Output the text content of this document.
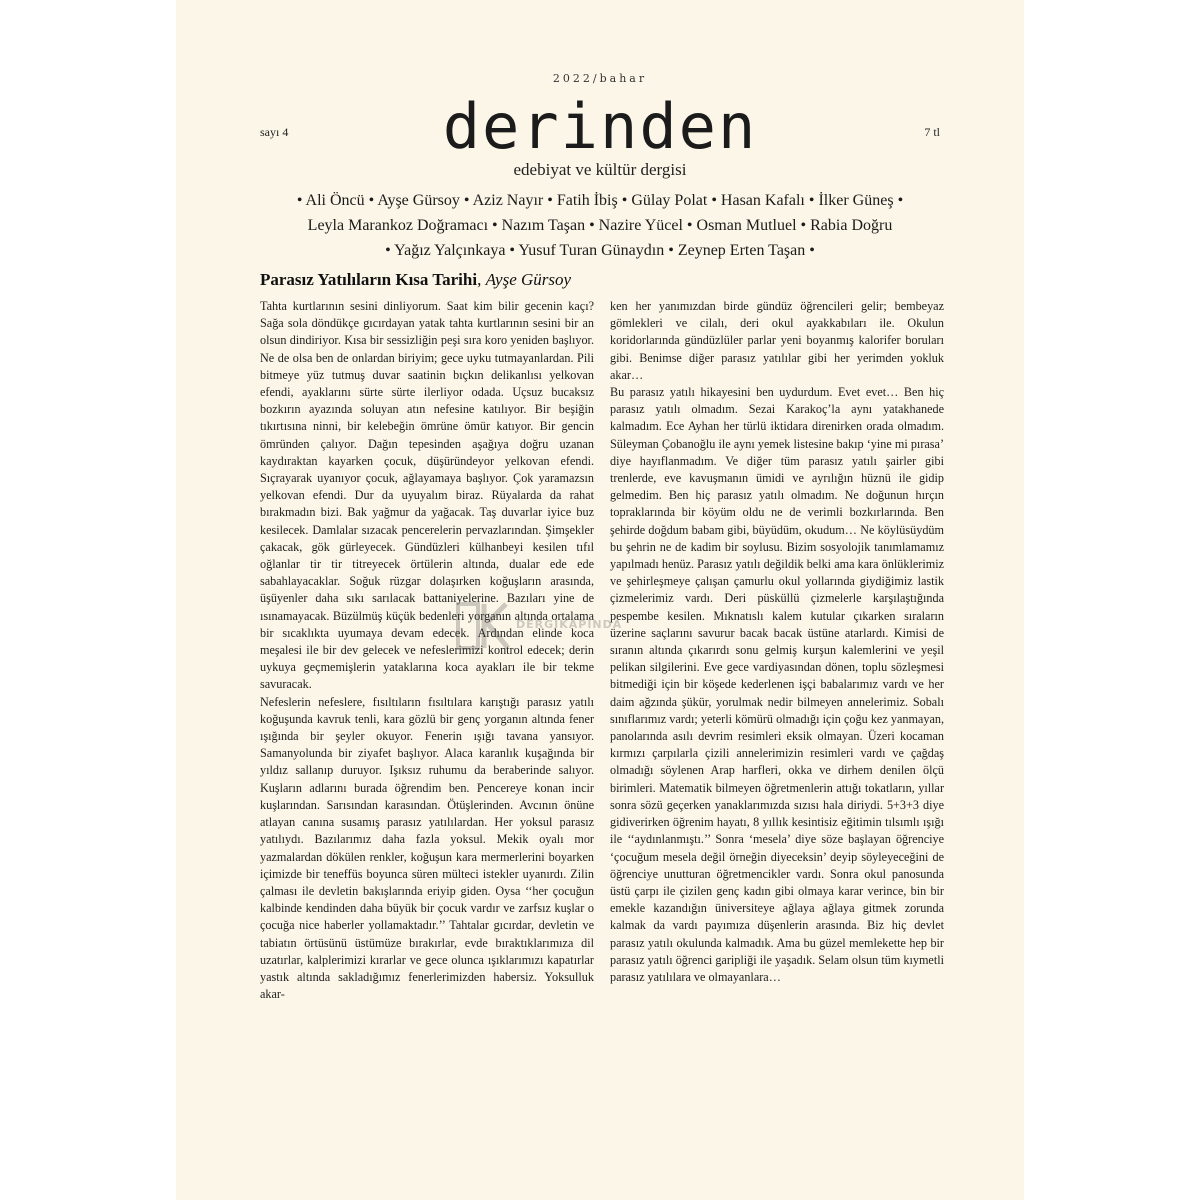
2022/bahar
sayı 4	derinden	7 tl
edebiyat ve kültür dergisi
• Ali Öncü • Ayşe Gürsoy • Aziz Nayır • Fatih İbiş • Gülay Polat • Hasan Kafalı • İlker Güneş •
Leyla Marankoz Doğramacı • Nazım Taşan • Nazire Yücel • Osman Mutluel • Rabia Doğru
• Yağız Yalçınkaya • Yusuf Turan Günaydın • Zeynep Erten Taşan •
Parasız Yatılıların Kısa Tarihi, Ayşe Gürsoy

Tahta kurtlarının sesini dinliyorum. Saat kim bilir gecenin kaçı? Sağa sola döndükçe gıcırdayan yatak tahta kurtlarının sesini bir an olsun dindiriyor. Kısa bir sessizliğin peşi sıra koro yeniden başlıyor. Ne de olsa ben de onlardan biriyim; gece uyku tutmayanlardan. Pili bitmeye yüz tutmuş duvar saatinin bıçkın delikanlısı yelkovan efendi, ayaklarını sürte sürte ilerliyor odada. Uçsuz bucaksız bozkırın ayazında soluyan atın nefesine katılıyor. Bir beşiğin tıkırtısına ninni, bir kelebeğin ömrüne ömür katıyor. Bir gencin ömründen çalıyor. Dağın tepesinden aşağıya doğru uzanan kaydıraktan kayarken çocuk, düşüründeyor yelkovan efendi. Sıçrayarak uyanıyor çocuk, ağlayamaya başlıyor. Çok yaramazsın yelkovan efendi. Dur da uyuyalım biraz. Rüyalarda da rahat bırakmadın bizi. Bak yağmur da yağacak. Taş duvarlar iyice buz kesilecek. Damlalar sızacak pencerelerin pervazlarından. Şimşekler çakacak, gök gürleyecek. Gündüzleri külhanbeyi kesilen tıfıl oğlanlar tir tir titreyecek örtülerin altında, dualar ede ede sabahlayacaklar. Soğuk rüzgar dolaşırken koğuşların arasında, üşüyenler daha sıkı sarılacak battaniyelerine. Bazıları yine de ısınamayacak. Büzülmüş küçük bedenleri yorganın altında ortalama bir sıcaklıkta uyumaya devam edecek. Ardından elinde koca meşalesi ile bir dev gelecek ve nefeslerimizi kontrol edecek; derin uykuya geçmemişlerin yataklarına koca ayakları ile bir tekme savuracak.

Nefeslerin nefeslere, fısıltıların fısıltılara karıştığı parasız yatılı koğuşunda kavruk tenli, kara gözlü bir genç yorganın altında fener ışığında bir şeyler okuyor. Fenerin ışığı tavana yansıyor. Samanyolunda bir ziyafet başlıyor. Alaca karanlık kuşağında bir yıldız sallanıp duruyor. Işıksız ruhumu da beraberinde salıyor. Kuşların adlarını burada öğrendim ben. Pencereye konan incir kuşlarından. Sarısından karasından. Ötüşlerinden. Avcının önüne atlayan canına susamış parasız yatılılardan. Her yoksul parasız yatılıydı. Bazılarımız daha fazla yoksul. Mekik oyalı mor yazmalardan dökülen renkler, koğuşun kara mermerlerini boyarken içimizde bir teneffüs boyunca süren mülteci istekler uyanırdı. Zilin çalması ile devletin bakışlarında eriyip giden. Oysa ‘‘her çocuğun kalbinde kendinden daha büyük bir çocuk vardır ve zarfsız kuşlar o çocuğa nice haberler yollamaktadır.’’ Tahtalar gıcırdar, devletin ve tabiatın örtüsünü üstümüze bırakırlar, evde bıraktıklarımıza dil uzatırlar, kalplerimizi kırarlar ve gece olunca ışıklarımızı kapatırlar yastık altında sakladığımız fenerlerimizden habersiz. Yoksulluk akar-

ken her yanımızdan birde gündüz öğrencileri gelir; bembeyaz gömlekleri ve cilalı, deri okul ayakkabıları ile. Okulun koridorlarında gündüzlüler parlar yeni boyanmış kalorifer boruları gibi. Benimse diğer parasız yatılılar gibi her yerimden yokluk akar…

Bu parasız yatılı hikayesini ben uydurdum. Evet evet… Ben hiç parasız yatılı olmadım. Sezai Karakoç’la aynı yatakhanede kalmadım. Ece Ayhan her türlü iktidara direnirken orada olmadım. Süleyman Çobanoğlu ile aynı yemek listesine bakıp ‘yine mi pırasa’ diye hayıflanmadım. Ve diğer tüm parasız yatılı şairler gibi trenlerde, eve kavuşmanın ümidi ve ayrılığın hüznü ile gidip gelmedim. Ben hiç parasız yatılı olmadım. Ne doğunun hırçın topraklarında bir köyüm oldu ne de verimli bozkırlarında. Ben şehirde doğdum babam gibi, büyüdüm, okudum… Ne köylüsüydüm bu şehrin ne de kadim bir soylusu. Bizim sosyolojik tanımlamamız yapılmadı henüz. Parasız yatılı değildik belki ama kara önlüklerimiz ve şehirleşmeye çalışan çamurlu okul yollarında giydiğimiz lastik çizmelerimiz vardı. Deri püsküllü çizmelerle karşılaştığında pespembe kesilen. Mıknatıslı kalem kutular çıkarken sıraların üzerine saçlarını savurur bacak bacak üstüne atarlardı. Kimisi de sıranın altında çıkarırdı sonu gelmiş kurşun kalemlerini ve yeşil pelikan silgilerini. Eve gece vardiyasından dönen, toplu sözleşmesi bitmediği için bir köşede kederlenen işçi babalarımız vardı ve her daim ağzında şükür, yorulmak nedir bilmeyen annelerimiz. Sobalı sınıflarımız vardı; yeterli kömürü olmadığı için çoğu kez yanmayan, panolarında asılı devrim resimleri eksik olmayan. Üzeri kocaman kırmızı çarpılarla çizili annelerimizin resimleri vardı ve çağdaş olmadığı söylenen Arap harfleri, okka ve dirhem denilen ölçü birimleri. Matematik bilmeyen öğretmenlerin attığı tokatların, yıllar sonra sözü geçerken yanaklarımızda sızısı hala diriydi. 5+3+3 diye gidiverirken öğrenim hayatı, 8 yıllık kesintisiz eğitimin tılsımlı ışığı ile ‘‘aydınlanmıştı.’’ Sonra ‘mesela’ diye söze başlayan öğrenciye ‘çocuğum mesela değil örneğin diyeceksin’ deyip söyleyeceğini de öğrenciye unutturan öğretmencikler vardı. Sonra okul panosunda üstü çarpı ile çizilen genç kadın gibi olmaya karar verince, bin bir emekle kazandığın üniversiteye ağlaya ağlaya gitmek zorunda kalmak da vardı payımıza düşenlerin arasında. Biz hiç devlet parasız yatılı okulunda kalmadık. Ama bu güzel memlekette hep bir parasız yatılı öğrenci garipliği ile yaşadık. Selam olsun tüm kıymetli parasız yatılılara ve olmayanlara…

DERGIKAPINDA
